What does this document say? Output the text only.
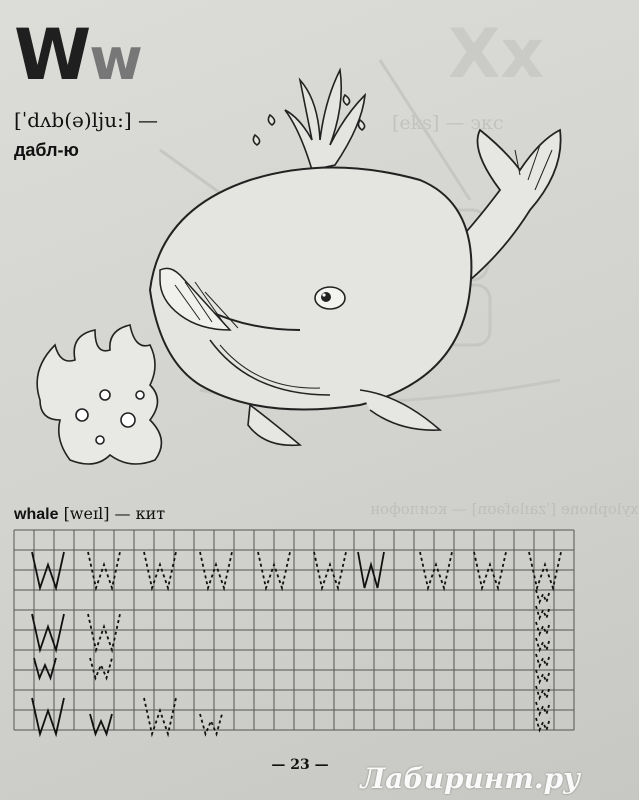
Xx
[eks] — экс
Ww
[ˈdʌb(ə)lju:] —
дабл-ю
xylophone [ˈzaɪləfəʊn] — ксилофон
whale [weɪl] — кит
— 23 —	Лабиринт.ру
